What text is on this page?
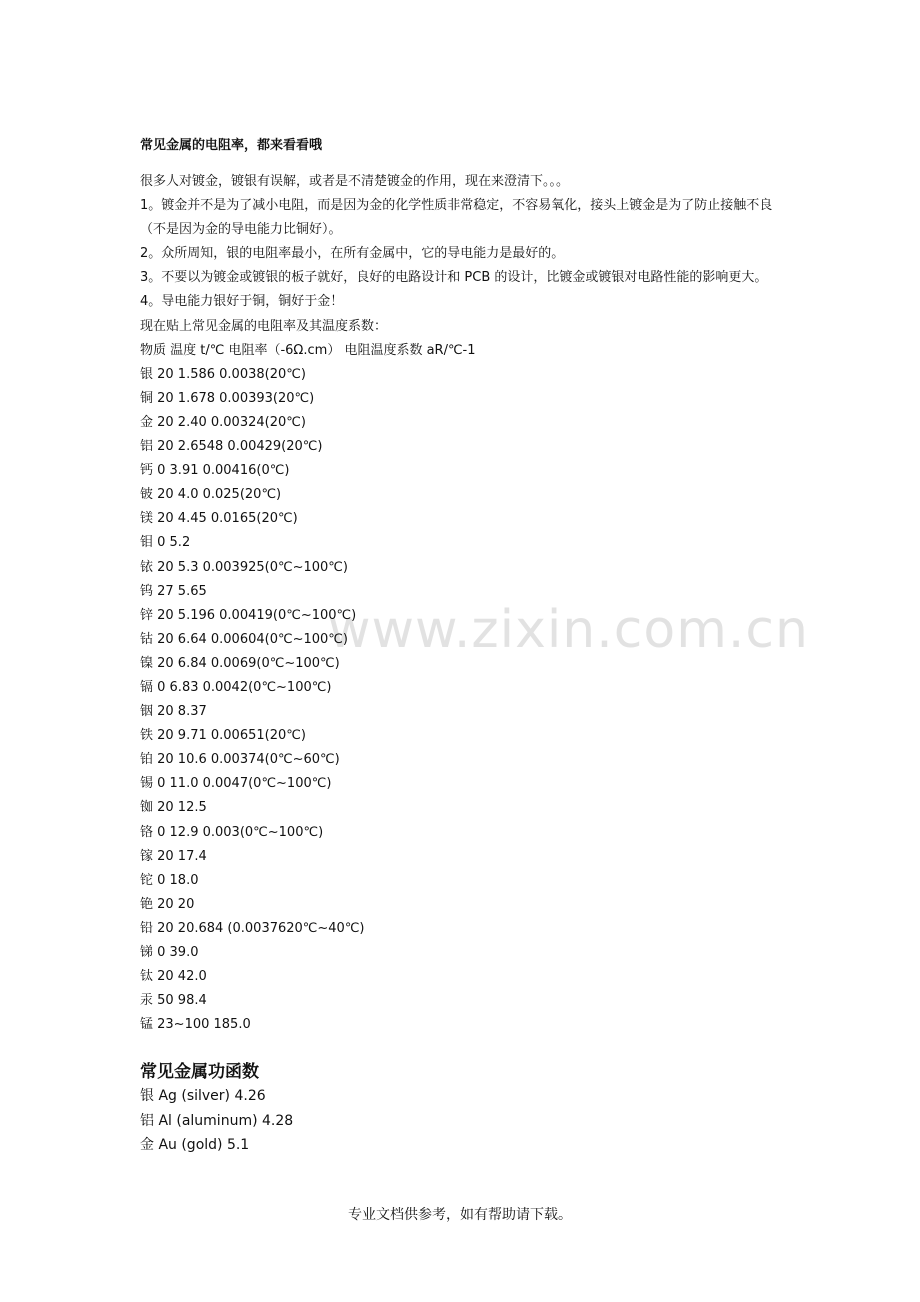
www.zixin.com.cn
常见金属的电阻率，都来看看哦
很多人对镀金，镀银有误解，或者是不清楚镀金的作用，现在来澄清下。。。
1。镀金并不是为了减小电阻，而是因为金的化学性质非常稳定，不容易氧化，接头上镀金是为了防止接触不良（不是因为金的导电能力比铜好）。
2。众所周知，银的电阻率最小，在所有金属中，它的导电能力是最好的。
3。不要以为镀金或镀银的板子就好，良好的电路设计和 PCB 的设计，比镀金或镀银对电路性能的影响更大。
4。导电能力银好于铜，铜好于金！
现在贴上常见金属的电阻率及其温度系数：
物质 温度 t/℃ 电阻率（-6Ω.cm） 电阻温度系数 aR/℃-1
银 20 1.586 0.0038(20℃)
铜 20 1.678 0.00393(20℃)
金 20 2.40 0.00324(20℃)
铝 20 2.6548 0.00429(20℃)
钙 0 3.91 0.00416(0℃)
铍 20 4.0 0.025(20℃)
镁 20 4.45 0.0165(20℃)
钼 0 5.2
铱 20 5.3 0.003925(0℃~100℃)
钨 27 5.65
锌 20 5.196 0.00419(0℃~100℃)
钴 20 6.64 0.00604(0℃~100℃)
镍 20 6.84 0.0069(0℃~100℃)
镉 0 6.83 0.0042(0℃~100℃)
铟 20 8.37
铁 20 9.71 0.00651(20℃)
铂 20 10.6 0.00374(0℃~60℃)
锡 0 11.0 0.0047(0℃~100℃)
铷 20 12.5
铬 0 12.9 0.003(0℃~100℃)
镓 20 17.4
铊 0 18.0
铯 20 20
铅 20 20.684 (0.0037620℃~40℃)
锑 0 39.0
钛 20 42.0
汞 50 98.4
锰 23~100 185.0
常见金属功函数
银 Ag (silver) 4.26
铝 Al (aluminum) 4.28
金 Au (gold) 5.1
专业文档供参考，如有帮助请下载。
